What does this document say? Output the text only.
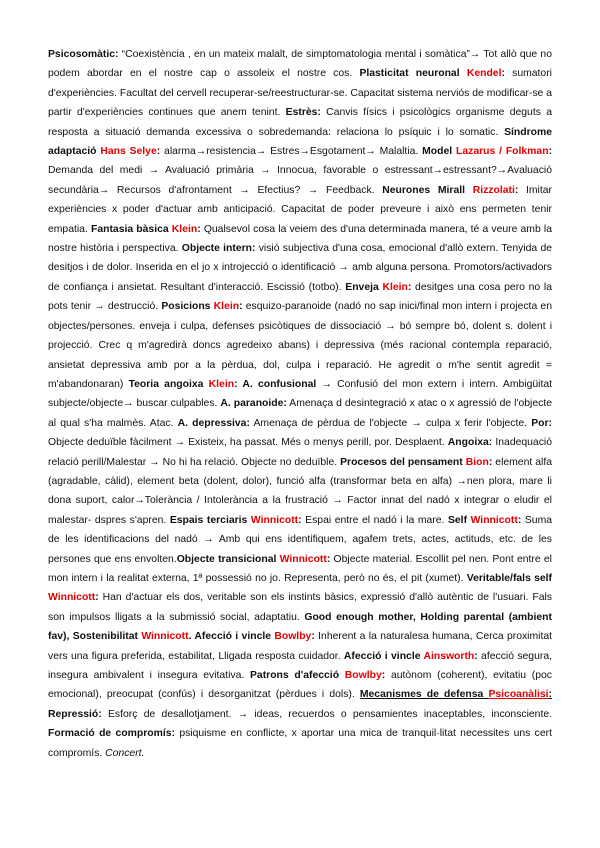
Psicosomàtic: “Coexistència , en un mateix malalt, de simptomatologia mental i somàtica”→ Tot allò que no podem abordar en el nostre cap o assoleix el nostre cos. Plasticitat neuronal Kendel: sumatori d'experiències. Facultat del cervell recuperar-se/reestructurar-se. Capacitat sistema nerviós de modificar-se a partir d'experiències continues que anem tenint. Estrès: Canvis físics i psicològics organisme deguts a resposta a situació demanda excessiva o sobredemanda: relaciona lo psíquic i lo somatic. Síndrome adaptació Hans Selye: alarma→resistencia→ Estres→Esgotament→ Malaltia. Model Lazarus / Folkman: Demanda del medi → Avaluació primària → Innocua, favorable o estressant→estressant?→Avaluació secundària→ Recursos d'afrontament → Efectius? → Feedback. Neurones Mirall Rizzolati: Imitar experiències x poder d'actuar amb anticipació. Capacitat de poder preveure i això ens permeten tenir empatia. Fantasia bàsica Klein: Qualsevol cosa la veiem des d'una determinada manera, té a veure amb la nostre història i perspectiva. Objecte intern: visió subjectiva d'una cosa, emocional d'allò extern. Tenyida de desitjos i de dolor. Inserida en el jo x introjecció o identificació → amb alguna persona. Promotors/activadors de confiança i ansietat. Resultant d'interacció. Escissió (totbo). Enveja Klein: desitges una cosa pero no la pots tenir → destrucció. Posicions Klein: esquizo-paranoide (nadó no sap inici/final mon intern i projecta en objectes/persones. enveja i culpa, defenses psicòtiques de dissociació → bó sempre bó, dolent s. dolent i projecció. Crec q m'agredirà doncs agredeixo abans) i depressiva (més racional contempla reparació, ansietat depressiva amb por a la pèrdua, dol, culpa i reparació. He agredit o m'he sentit agredit = m'abandonaran) Teoria angoixa Klein: A. confusional → Confusió del mon extern i intern. Ambigüitat subjecte/objecte→ buscar culpables. A. paranoide: Amenaça d desintegració x atac o x agressió de l'objecte al qual s'ha malmès. Atac. A. depressiva: Amenaça de pèrdua de l'objecte → culpa x ferir l'objecte. Por: Objecte deduïble fàcilment → Existeix, ha passat. Més o menys perill, por. Desplaent. Angoixa: Inadequació relació perill/Malestar → No hi ha relació. Objecte no deduïble. Procesos del pensament Bion: element alfa (agradable, càlid), element beta (dolent, dolor), funció alfa (transformar beta en alfa) →nen plora, mare li dona suport, calor→Tolerància / Intolerància a la frustració → Factor innat del nadó x integrar o eludir el malestar- dspres s'apren. Espais terciaris Winnicott: Espai entre el nadó i la mare. Self Winnicott: Suma de les identificacions del nadó → Amb qui ens identifiquem, agafem trets, actes, actituds, etc. de les persones que ens envolten.Objecte transicional Winnicott: Objecte material. Escollit pel nen. Pont entre el mon intern i la realitat externa, 1ª possessió no jo. Representa, però no és, el pit (xumet). Veritable/fals self Winnicott: Han d'actuar els dos, veritable son els instints bàsics, expressió d'allò autèntic de l'usuari. Fals son impulsos lligats a la submissió social, adaptatiu. Good enough mother, Holding parental (ambient fav), Sostenibilitat Winnicott. Afecció i vincle Bowlby: Inherent a la naturalesa humana, Cerca proximitat vers una figura preferida, estabilitat, Lligada resposta cuidador. Afecció i vincle Ainsworth: afecció segura, insegura ambivalent i insegura evitativa. Patrons d'afecció Bowlby: autònom (coherent), evitatiu (poc emocional), preocupat (confús) i desorganitzat (pèrdues i dols). Mecanismes de defensa Psicoanàlisi: Repressió: Esforç de desallotjament. → ideas, recuerdos o pensamientes inaceptables, inconsciente. Formació de compromís: psiquisme en conflicte, x aportar una mica de tranquil·litat necessites uns cert compromís. Concert.
